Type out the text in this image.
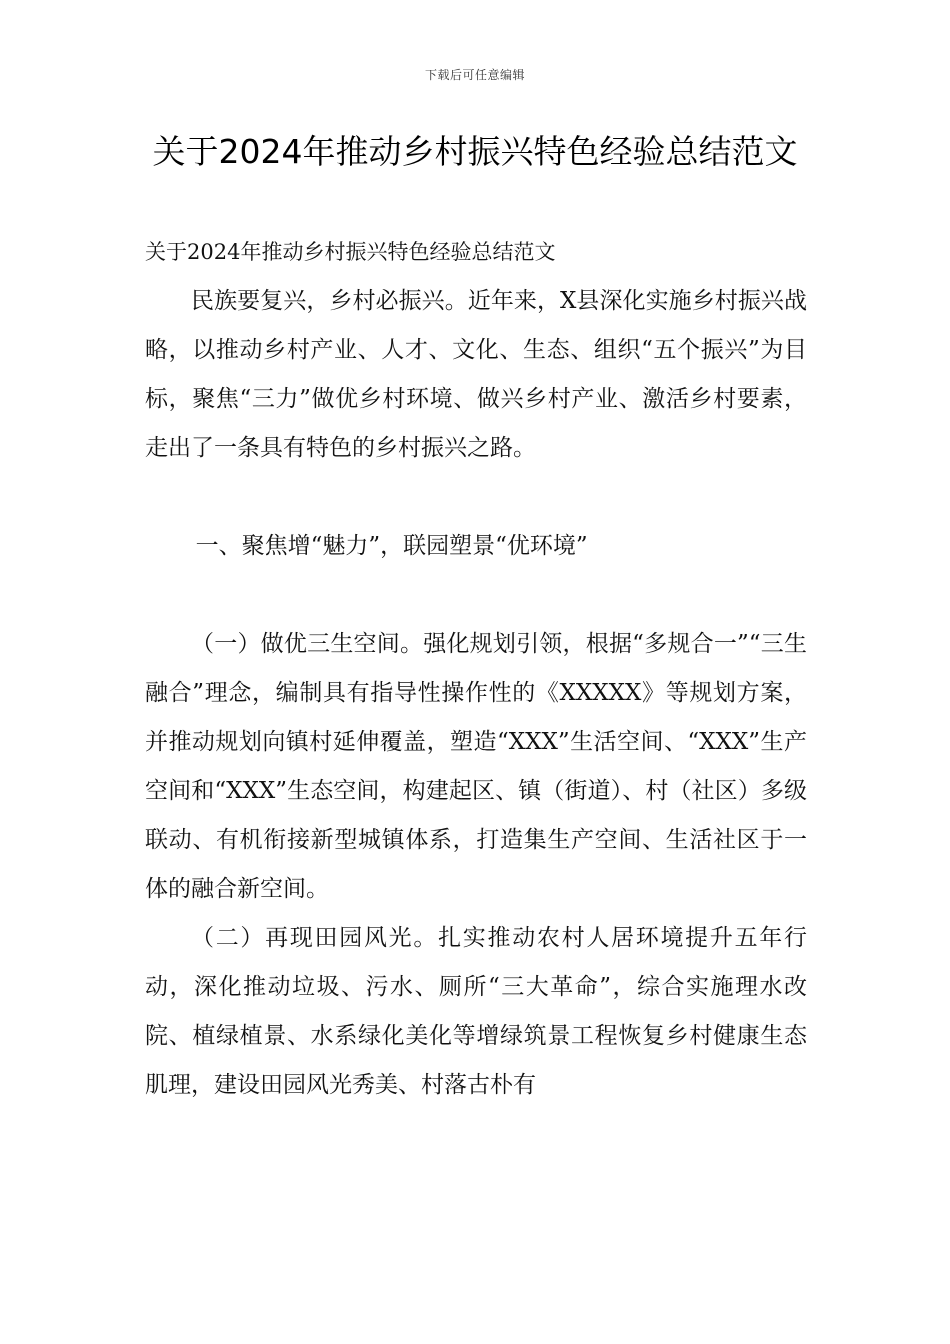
下载后可任意编辑
关于2024年推动乡村振兴特色经验总结范文

关于2024年推动乡村振兴特色经验总结范文

民族要复兴，乡村必振兴。近年来，X县深化实施乡村振兴战略，以推动乡村产业、人才、文化、生态、组织“五个振兴”为目标，聚焦“三力”做优乡村环境、做兴乡村产业、激活乡村要素，走出了一条具有特色的乡村振兴之路。

一、聚焦增“魅力”，联园塑景“优环境”

（一）做优三生空间。强化规划引领，根据“多规合一”“三生融合”理念，编制具有指导性操作性的《XXXXX》等规划方案，并推动规划向镇村延伸覆盖，塑造“XXX”生活空间、“XXX”生产空间和“XXX”生态空间，构建起区、镇（街道）、村（社区）多级联动、有机衔接新型城镇体系，打造集生产空间、生活社区于一体的融合新空间。

（二）再现田园风光。扎实推动农村人居环境提升五年行动，深化推动垃圾、污水、厕所“三大革命”，综合实施理水改院、植绿植景、水系绿化美化等增绿筑景工程恢复乡村健康生态肌理，建设田园风光秀美、村落古朴有
